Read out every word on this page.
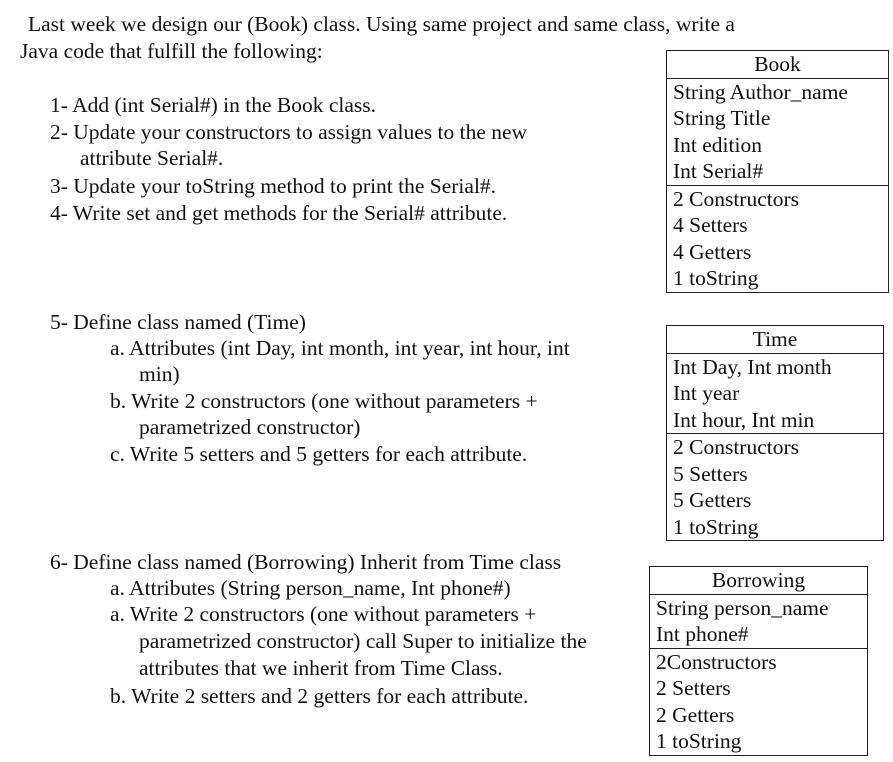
Last week we design our (Book) class. Using same project and same class, write a
Java code that fulfill the following:
1- Add (int Serial#) in the Book class.
2- Update your constructors to assign values to the new
attribute Serial#.
3- Update your toString method to print the Serial#.
4- Write set and get methods for the Serial# attribute.
5- Define class named (Time)
a. Attributes (int Day, int month, int year, int hour, int
min)
b. Write 2 constructors (one without parameters +
parametrized constructor)
c. Write 5 setters and 5 getters for each attribute.
6- Define class named (Borrowing) Inherit from Time class
a. Attributes (String person_name, Int phone#)
a. Write 2 constructors (one without parameters +
parametrized constructor) call Super to initialize the
attributes that we inherit from Time Class.
b. Write 2 setters and 2 getters for each attribute.
Book
String Author_name
String Title
Int edition
Int Serial#
2 Constructors
4 Setters
4 Getters
1 toString
Time
Int Day, Int month
Int year
Int hour, Int min
2 Constructors
5 Setters
5 Getters
1 toString
Borrowing
String person_name
Int phone#
2Constructors
2 Setters
2 Getters
1 toString
